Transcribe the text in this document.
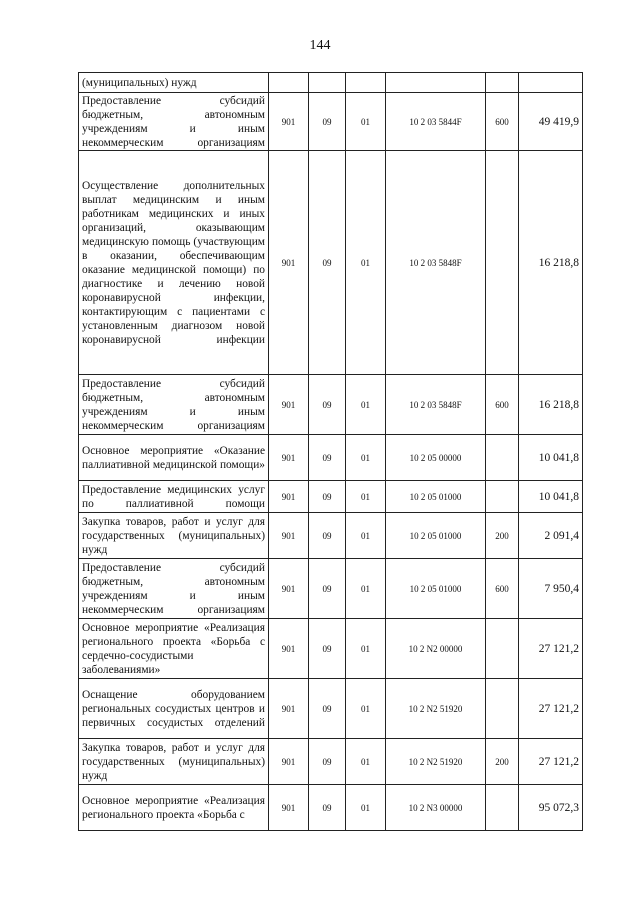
144
(муниципальных) нужд						

Предоставление субсидий бюджетным, автономным учреждениям и иным некоммерческим организациям	901	09	01	10 2 03 5844F	600	49 419,9

Осуществление дополнительных выплат медицинским и иным работникам медицинских и иных организаций, оказывающим медицинскую помощь (участвующим в оказании, обеспечивающим оказание медицинской помощи) по диагностике и лечению новой коронавирусной инфекции, контактирующим с пациентами с установленным диагнозом новой коронавирусной инфекции	901	09	01	10 2 03 5848F		16 218,8

Предоставление субсидий бюджетным, автономным учреждениям и иным некоммерческим организациям	901	09	01	10 2 03 5848F	600	16 218,8

Основное мероприятие «Оказание паллиативной медицинской помощи»	901	09	01	10 2 05 00000		10 041,8

Предоставление медицинских услуг по паллиативной помощи	901	09	01	10 2 05 01000		10 041,8

Закупка товаров, работ и услуг для государственных (муниципальных) нужд	901	09	01	10 2 05 01000	200	2 091,4

Предоставление субсидий бюджетным, автономным учреждениям и иным некоммерческим организациям	901	09	01	10 2 05 01000	600	7 950,4

Основное мероприятие «Реализация регионального проекта «Борьба с сердечно-сосудистыми заболеваниями»	901	09	01	10 2 N2 00000		27 121,2

Оснащение оборудованием региональных сосудистых центров и первичных сосудистых отделений	901	09	01	10 2 N2 51920		27 121,2

Закупка товаров, работ и услуг для государственных (муниципальных) нужд	901	09	01	10 2 N2 51920	200	27 121,2

Основное мероприятие «Реализация регионального проекта «Борьба с	901	09	01	10 2 N3 00000		95 072,3
